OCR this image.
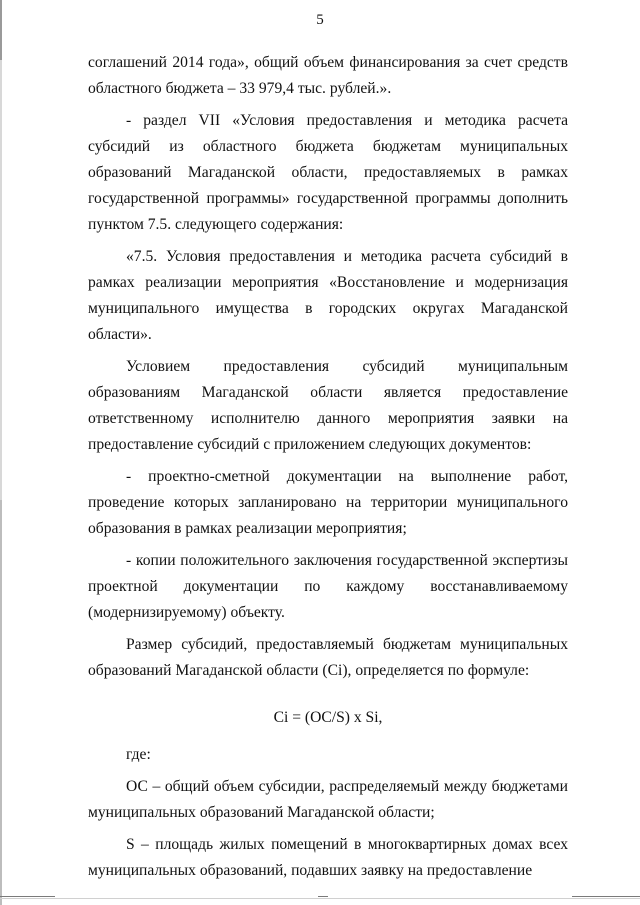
5

соглашений 2014 года», общий объем финансирования за счет средств областного бюджета – 33 979,4 тыс. рублей.».

- раздел VII «Условия предоставления и методика расчета субсидий из областного бюджета бюджетам муниципальных образований Магаданской области, предоставляемых в рамках государственной программы» государственной программы дополнить пунктом 7.5. следующего содержания:

«7.5. Условия предоставления и методика расчета субсидий в рамках реализации мероприятия «Восстановление и модернизация муниципального имущества в городских округах Магаданской области».

Условием предоставления субсидий муниципальным образованиям Магаданской области является предоставление ответственному исполнителю данного мероприятия заявки на предоставление субсидий с приложением следующих документов:

- проектно-сметной документации на выполнение работ, проведение которых запланировано на территории муниципального образования в рамках реализации мероприятия;

- копии положительного заключения государственной экспертизы проектной документации по каждому восстанавливаемому (модернизируемому) объекту.

Размер субсидий, предоставляемый бюджетам муниципальных образований Магаданской области (Ci), определяется по формуле:

Ci = (OC/S) x Si,

где:

ОС – общий объем субсидии, распределяемый между бюджетами муниципальных образований Магаданской области;

S – площадь жилых помещений в многоквартирных домах всех муниципальных образований, подавших заявку на предоставление
